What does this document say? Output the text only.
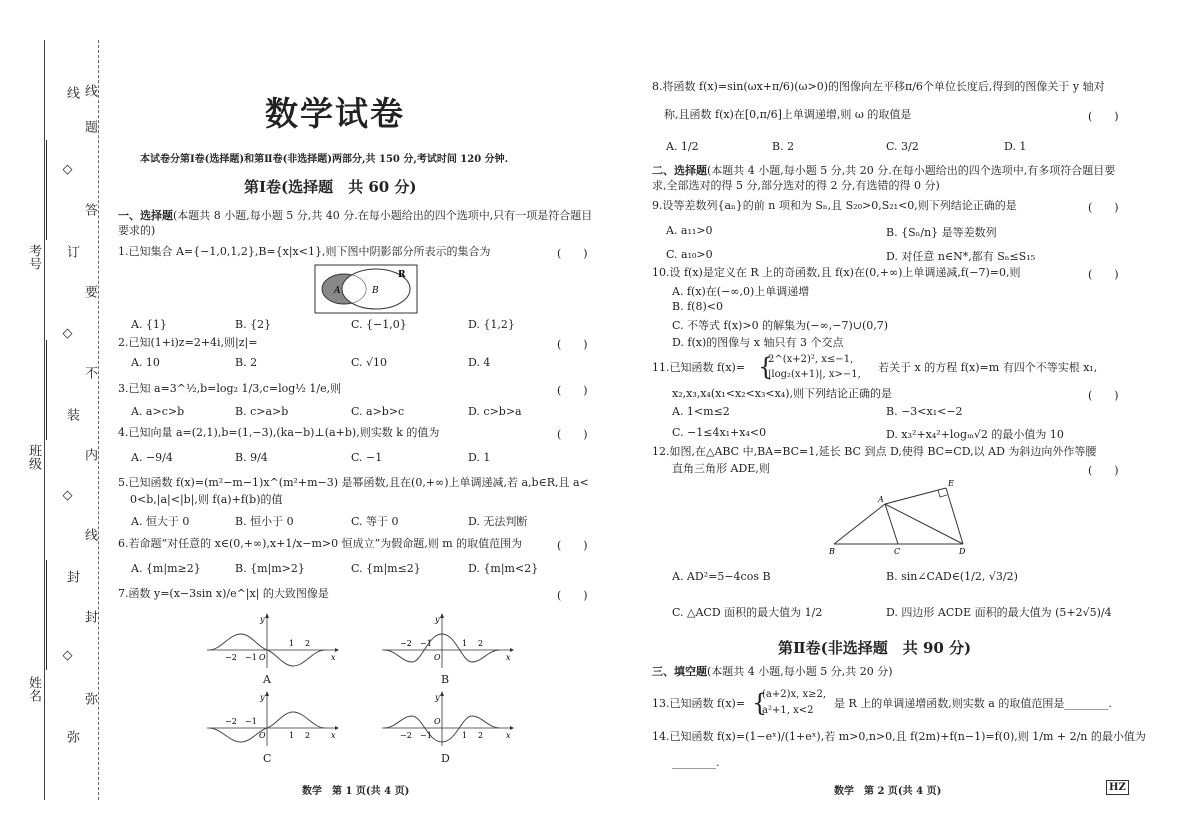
考号
班级
姓名
线
◇
订
◇
装
◇
封
◇
弥
线
题
答
要
不
内
线
封
弥
数学试卷
本试卷分第Ⅰ卷(选择题)和第Ⅱ卷(非选择题)两部分,共 150 分,考试时间 120 分钟.
第Ⅰ卷(选择题　共 60 分)
一、选择题(本题共 8 小题,每小题 5 分,共 40 分.在每小题给出的四个选项中,只有一项是符合题目要求的)
1.已知集合 A={−1,0,1,2},B={x|x<1},则下图中阴影部分所表示的集合为	(　　)
R
A	B
A. {1}	B. {2}	C. {−1,0}	D. {1,2}
2.已知(1+i)z=2+4i,则|z|=	(　　)
A. 10	B. 2	C. √10	D. 4
3.已知 a=3^½,b=log₂ 1/3,c=log½ 1/e,则	(　　)
A. a>c>b	B. c>a>b	C. a>b>c	D. c>b>a
4.已知向量 a=(2,1),b=(1,−3),(ka−b)⊥(a+b),则实数 k 的值为	(　　)
A. −9/4	B. 9/4	C. −1	D. 1
5.已知函数 f(x)=(m²−m−1)x^(m²+m−3) 是幂函数,且在(0,+∞)上单调递减,若 a,b∈R,且 a<
0<b,|a|<|b|,则 f(a)+f(b)的值
A. 恒大于 0	B. 恒小于 0	C. 等于 0	D. 无法判断
6.若命题“对任意的 x∈(0,+∞),x+1/x−m>0 恒成立”为假命题,则 m 的取值范围为	(　　)
A. {m|m≥2}	B. {m|m>2}	C. {m|m≤2}	D. {m|m<2}
7.函数 y=(x−3sin x)/e^|x| 的大致图像是	(　　)
−2 −1 O
1 2
x
y
A
−2 −1
O
1 2
x
y
B
−2 −1
O	1 2	x
y
C
−2 −1
O
1 2	x
y
D
数学　第 1 页(共 4 页)
8.将函数 f(x)=sin(ωx+π/6)(ω>0)的图像向左平移π/6个单位长度后,得到的图像关于 y 轴对
称,且函数 f(x)在[0,π/6]上单调递增,则 ω 的取值是	(　　)
A. 1/2	B. 2	C. 3/2	D. 1
二、选择题(本题共 4 小题,每小题 5 分,共 20 分.在每小题给出的四个选项中,有多项符合题目要求,全部选对的得 5 分,部分选对的得 2 分,有选错的得 0 分)
9.设等差数列{aₙ}的前 n 项和为 Sₙ,且 S₂₀>0,S₂₁<0,则下列结论正确的是	(　　)
A. a₁₁>0	B. {Sₙ/n} 是等差数列
C. a₁₀>0	D. 对任意 n∈N*,都有 Sₙ≤S₁₅
10.设 f(x)是定义在 R 上的奇函数,且 f(x)在(0,+∞)上单调递减,f(−7)=0,则	(　　)
A. f(x)在(−∞,0)上单调递增
B. f(8)<0
C. 不等式 f(x)>0 的解集为(−∞,−7)∪(0,7)
D. f(x)的图像与 x 轴只有 3 个交点
11.已知函数 f(x)= {
2^(x+2)², x≤−1,
|log₂(x+1)|, x>−1,
若关于 x 的方程 f(x)=m 有四个不等实根 x₁,
x₂,x₃,x₄(x₁<x₂<x₃<x₄),则下列结论正确的是	(　　)
A. 1<m≤2	B. −3<x₁<−2
C. −1≤4x₁+x₄<0	D. x₃²+x₄²+logₘ√2 的最小值为 10
12.如图,在△ABC 中,BA=BC=1,延长 BC 到点 D,使得 BC=CD,以 AD 为斜边向外作等腰
直角三角形 ADE,则	(　　)
A
B	C	D
E
A. AD²=5−4cos B	B. sin∠CAD∈(1/2, √3/2)
C. △ACD 面积的最大值为 1/2	D. 四边形 ACDE 面积的最大值为 (5+2√5)/4
第Ⅱ卷(非选择题　共 90 分)
三、填空题(本题共 4 小题,每小题 5 分,共 20 分)
13.已知函数 f(x)= {
(a+2)x, x≥2,
a²+1, x<2
是 R 上的单调递增函数,则实数 a 的取值范围是________.
14.已知函数 f(x)=(1−eˣ)/(1+eˣ),若 m>0,n>0,且 f(2m)+f(n−1)=f(0),则 1/m + 2/n 的最小值为
________.
数学　第 2 页(共 4 页)	HZ
